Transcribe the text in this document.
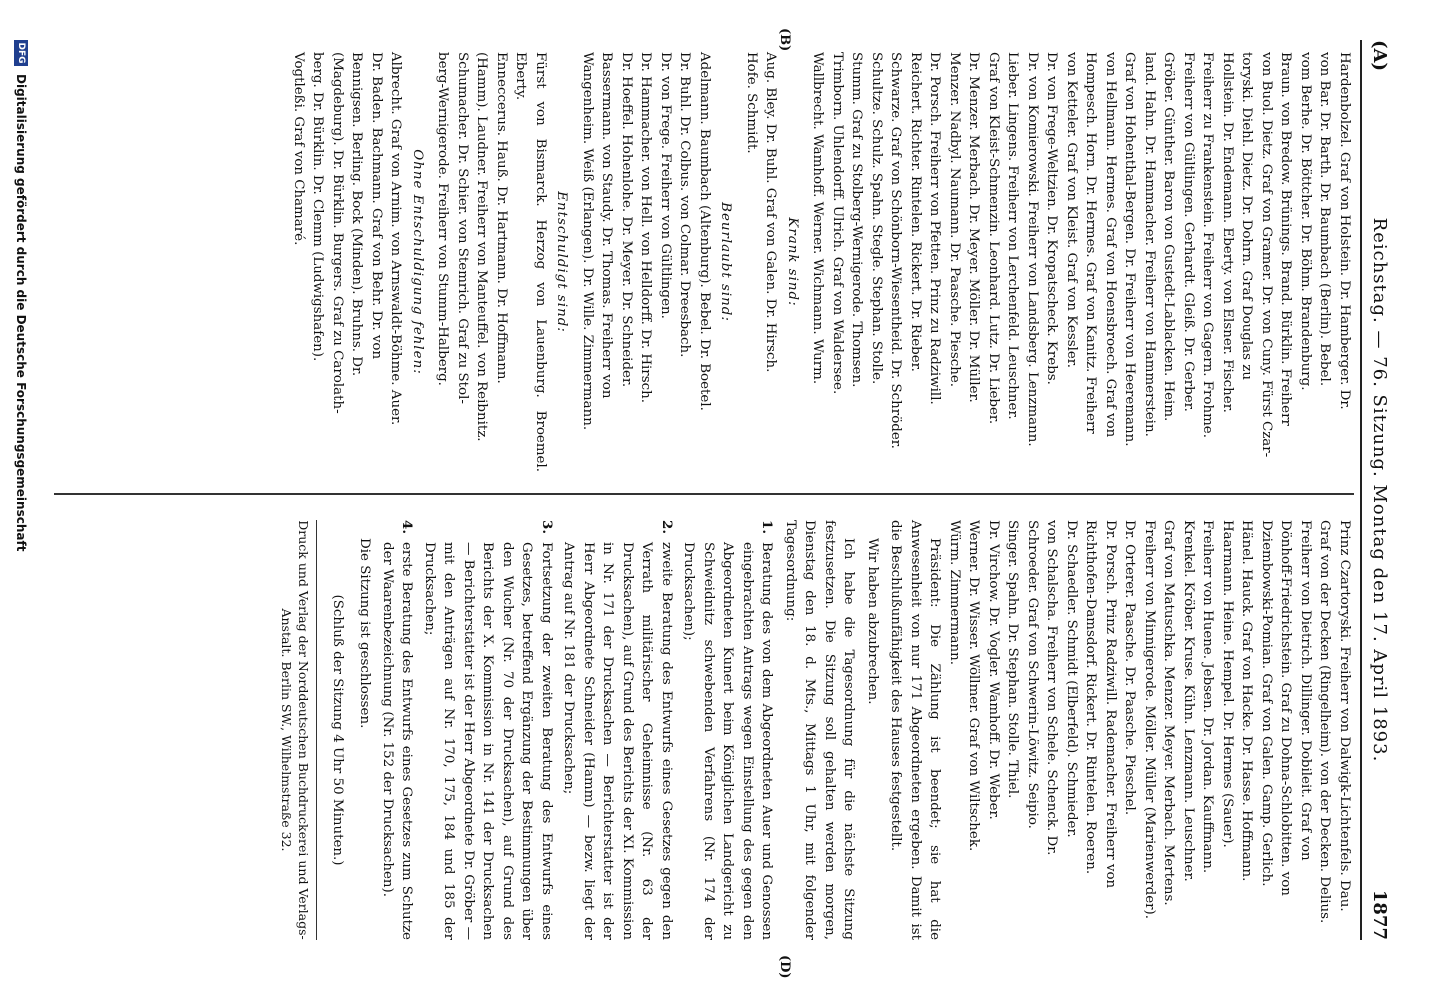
(A)
Reichstag. — 76. Sitzung. Montag den 17. April 1893.
1877
(B)
(D)

Hardenbolzel. Graf von Holstein. Dr. Hamberger. Dr.

von Bar. Dr. Barth. Dr. Baumbach (Berlin). Bebel.

vom Berhe. Dr. Böttcher. Dr. Böhm. Brandenburg.

Braun. von Bredow. Brünings. Brand. Bürklin. Freiherr

von Buol. Dietz. Graf von Gramer. Dr. von Cuny. Fürst Czar-

toryski. Diehl. Dietz. Dr. Dohrn. Graf Douglas zu

Hollstein. Dr. Endemann. Eberty. von Elsner. Fischer.

Freiherr zu Frankenstein. Freiherr von Gagern. Frohme.

Freiherr von Gültlingen. Gerhardt. Gleiß. Dr. Gerber.

Gröber. Günther. Baron von Gustedt-Lablacken. Heim.

land. Hahn. Dr. Hammacher. Freiherr von Hammerstein.

Graf von Hohenthal-Bergen. Dr. Freiherr von Heeremann.

von Hellmann. Hermes. Graf von Hoensbroech. Graf von

Hompesch. Horn. Dr. Hermes. Graf von Kanitz. Freiherr

von Ketteler. Graf von Kleist. Graf von Kessler.

Dr. von Frege-Weltzien. Dr. Kropatscheck. Krebs.

Dr. von Komierowski. Freiherr von Landsberg. Lenzmann.

Lieber. Lingens. Freiherr von Lerchenfeld. Leuschner.

Graf von Kleist-Schmenzin. Leonhard. Lutz. Dr. Lieber.

Dr. Menzer. Merbach. Dr. Meyer. Möller. Dr. Müller.

Menzer. Nadbyl. Naumann. Dr. Paasche. Piesche.

Dr. Porsch. Freiherr von Pfetten. Prinz zu Radziwill.

Reichert. Richter. Rintelen. Rickert. Dr. Rieber.

Schwarze. Graf von Schönborn-Wiesentheid. Dr. Schröder.

Schultze. Schulz. Spahn. Stegle. Stephan. Stolle.

Stumm. Graf zu Stolberg-Wernigerode. Thomsen.

Trimborn. Uhlendorff. Ulrich. Graf von Waldersee.

Wallbrecht. Wamhoff. Werner. Wichmann. Wurm.

Krank sind:

Aug. Bley. Dr. Buhl. Graf von Galen. Dr. Hirsch.

Hofe. Schmidt.

Beurlaubt sind:

Adelmann. Baumbach (Altenburg). Bebel. Dr. Boetel.

Dr. Buhl. Dr. Colbus. von Colmar. Dreesbach.

Dr. von Frege. Freiherr von Gültlingen.

Dr. Hammacher. von Hell. von Helldorff. Dr. Hirsch.

Dr. Hoeffel. Hohenlohe. Dr. Meyer. Dr. Schneider.

Bassermann. von Staudy. Dr. Thomas. Freiherr von

Wangenheim. Weiß (Erlangen). Dr. Wille. Zimmermann.

Entschuldigt sind:

Fürst von Bismarck. Herzog von Lauenburg. Broemel. Eberty.

Enneccerus. Hauß. Dr. Hartmann. Dr. Hoffmann.

(Hamm). Laudner. Freiherr von Manteuffel. von Reibnitz.

Schumacher. Dr. Schier. von Stemrich. Graf zu Stol-

berg-Wernigerode. Freiherr von Stumm-Halberg.

Ohne Entschuldigung fehlen:

Albrecht. Graf von Arnim. von Arnswaldt-Böhme. Auer.

Dr. Baden. Bachmann. Graf von Behr. Dr. von

Bennigsen. Berling. Bock (Minden). Bruhns. Dr.

(Magdeburg). Dr. Bürklin. Burgers. Graf zu Carolath-

berg. Dr. Bürklin. Dr. Clemm (Ludwigshafen).

Vogtleßi. Graf von Chamaré.

Prinz Czartoryski. Freiherr von Dalwigk-Lichtenfels. Dau.

Graf von der Decken (Ringelheim). von der Decken. Delius.

Freiherr von Dietrich. Dillinger. Dobileit. Graf von

Dönhoff-Friedrichstein. Graf zu Dohna-Schlobitten. von

Dziembowski-Pomian. Graf von Galen. Gamp. Gerlich.

Hänel. Hauck. Graf von Hacke. Dr. Hasse. Hoffmann.

Haarmann. Heine. Hempel. Dr. Hermes (Sauer).

Freiherr von Huene. Jebsen. Dr. Jordan. Kauffmann.

Krenkel. Kröber. Kruse. Kühn. Lenzmann. Leuschner.

Graf von Matuschka. Menzer. Meyer. Merbach. Mertens.

Freiherr von Minnigerode. Möller. Müller (Marienwerder).

Dr. Orterer. Paasche. Dr. Paasche. Pieschel.

Dr. Porsch. Prinz Radziwill. Rademacher. Freiherr von

Richthofen-Damsdorf. Rickert. Dr. Rintelen. Roeren.

Dr. Schaedler. Schmidt (Elberfeld). Schmieder.

von Schalscha. Freiherr von Schele. Schenck. Dr.

Schroeder. Graf von Schwerin-Löwitz. Seipio.

Singer. Spahn. Dr. Stephan. Stolle. Thiel.

Dr. Virchow. Dr. Vogler. Wamhoff. Dr. Weber.

Werner. Dr. Wisser. Wöllmer. Graf von Wiltschek.

Würm. Zimmermann.

Präsident: Die Zählung ist beendet; sie hat die Anwesenheit von nur 171 Abgeordneten ergeben. Damit ist die Beschlußunfähigkeit des Hauses festgestellt.

Wir haben abzubrechen.

Ich habe die Tagesordnung für die nächste Sitzung festzusetzen. Die Sitzung soll gehalten werden morgen, Dienstag den 18. d. Mts., Mittags 1 Uhr, mit folgender Tagesordnung:

1.
Beratung des von dem Abgeordneten Auer und Genossen eingebrachten Antrags wegen Einstellung des gegen den Abgeordneten Kunert beim Königlichen Landgericht zu Schweidnitz schwebenden Verfahrens (Nr. 174 der Drucksachen);
2.
zweite Beratung des Entwurfs eines Gesetzes gegen den Verrath militärischer Geheimnisse (Nr. 63 der Drucksachen), auf Grund des Berichts der XI. Kommission in Nr. 171 der Drucksachen — Berichterstatter ist der Herr Abgeordnete Schneider (Hamm) — bezw. liegt der Antrag auf Nr. 181 der Drucksachen;
3.
Fortsetzung der zweiten Beratung des Entwurfs eines Gesetzes, betreffend Ergänzung der Bestimmungen über den Wucher (Nr. 70 der Drucksachen), auf Grund des Berichts der X. Kommission in Nr. 141 der Drucksachen — Berichterstatter ist der Herr Abgeordnete Dr. Gröber — mit den Anträgen auf Nr. 170, 175, 184 und 185 der Drucksachen;
4.
erste Beratung des Entwurfs eines Gesetzes zum Schutze der Waarenbezeichnung (Nr. 152 der Drucksachen).

Die Sitzung ist geschlossen.

(Schluß der Sitzung 4 Uhr 50 Minuten.)
Druck und Verlag der Norddeutschen Buchdruckerei und Verlags-Anstalt. Berlin SW., Wilhelmstraße 32.
DFG
Digitalisierung gefördert durch die Deutsche Forschungsgemeinschaft
